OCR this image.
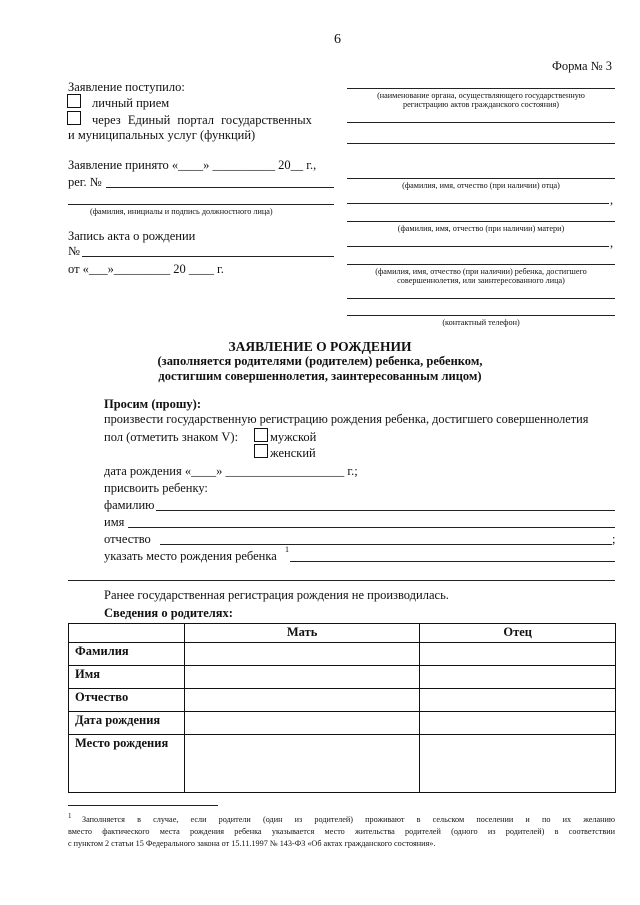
6
Форма № 3
Заявление поступило:
личный прием
через Единый портал государственных
и муниципальных услуг (функций)
Заявление принято «____» __________ 20__ г.,
рег. №
(фамилия, инициалы и подпись должностного лица)
Запись акта о рождении
№
от «___»_________ 20 ____ г.
(наименование органа, осуществляющего государственную
регистрацию актов гражданского состояния)
(фамилия, имя, отчество (при наличии) отца)
,
(фамилия, имя, отчество (при наличии) матери)
,
(фамилия, имя, отчество (при наличии) ребенка, достигшего
совершеннолетия, или заинтересованного лица)
(контактный телефон)
ЗАЯВЛЕНИЕ О РОЖДЕНИИ
(заполняется родителями (родителем) ребенка, ребенком,
достигшим совершеннолетия, заинтересованным лицом)
Просим (прошу):
произвести государственную регистрацию рождения ребенка, достигшего совершеннолетия
пол (отметить знаком V):	мужской
женский
дата рождения «____» ___________________ г.;
присвоить ребенку:
фамилию
имя
отчество	;
указать место рождения ребенка 1
Ранее государственная регистрация рождения не производилась.
Сведения о родителях:
	Мать	Отец
Фамилия		
Имя		
Отчество		
Дата рождения		
Место рождения		
1 Заполняется в случае, если родители (один из родителей) проживают в сельском поселении и по их желанию
вместо фактического места рождения ребенка указывается место жительства родителей (одного из родителей) в соответствии
с пунктом 2 статьи 15 Федерального закона от 15.11.1997 № 143-ФЗ «Об актах гражданского состояния».
